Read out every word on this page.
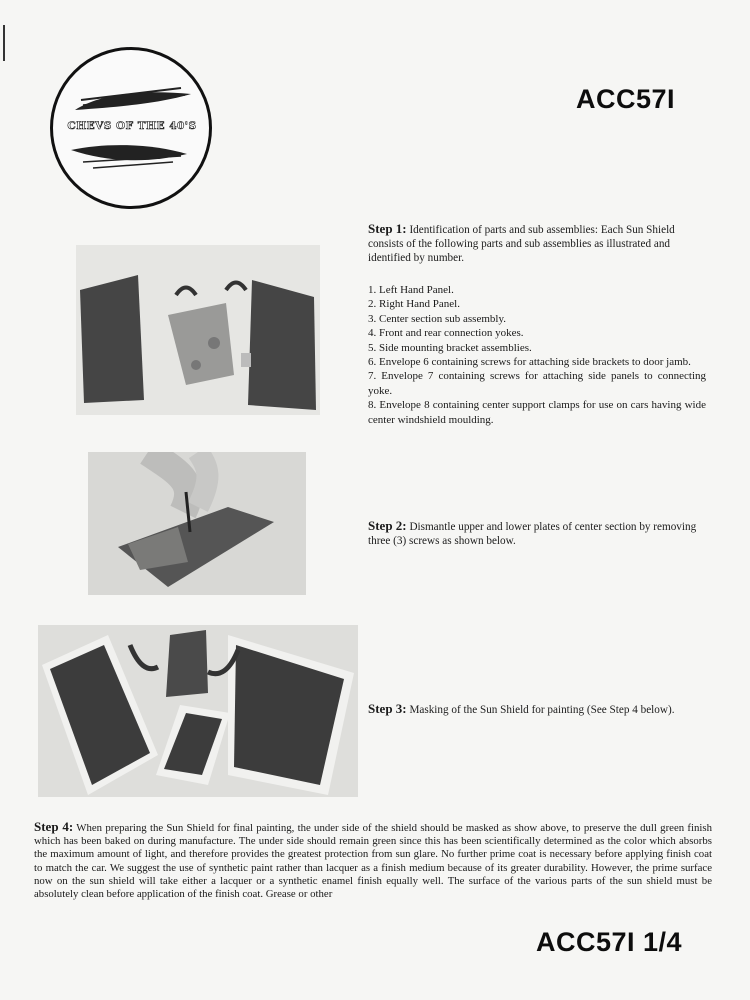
CHEVS OF THE 40'S
ACC57I
Step 1: Identification of parts and sub assemblies: Each Sun Shield consists of the following parts and sub assemblies as illustrated and identified by number.
1. Left Hand Panel.
2. Right Hand Panel.
3. Center section sub assembly.
4. Front and rear connection yokes.
5. Side mounting bracket assemblies.
6. Envelope 6 containing screws for attaching side brackets to door jamb.
7. Envelope 7 containing screws for attaching side panels to connecting yoke.
8. Envelope 8 containing center support clamps for use on cars having wide center windshield moulding.
Step 2: Dismantle upper and lower plates of center section by removing three (3) screws as shown below.
Step 3: Masking of the Sun Shield for painting (See Step 4 below).
Step 4: When preparing the Sun Shield for final painting, the under side of the shield should be masked as show above, to preserve the dull green finish which has been baked on during manufacture. The under side should remain green since this has been scientifically determined as the color which absorbs the maximum amount of light, and therefore provides the greatest protection from sun glare. No further prime coat is necessary before applying finish coat to match the car. We suggest the use of synthetic paint rather than lacquer as a finish medium because of its greater durability. However, the prime surface now on the sun shield will take either a lacquer or a synthetic enamel finish equally well. The surface of the various parts of the sun shield must be absolutely clean before application of the finish coat. Grease or other
ACC57I 1/4
